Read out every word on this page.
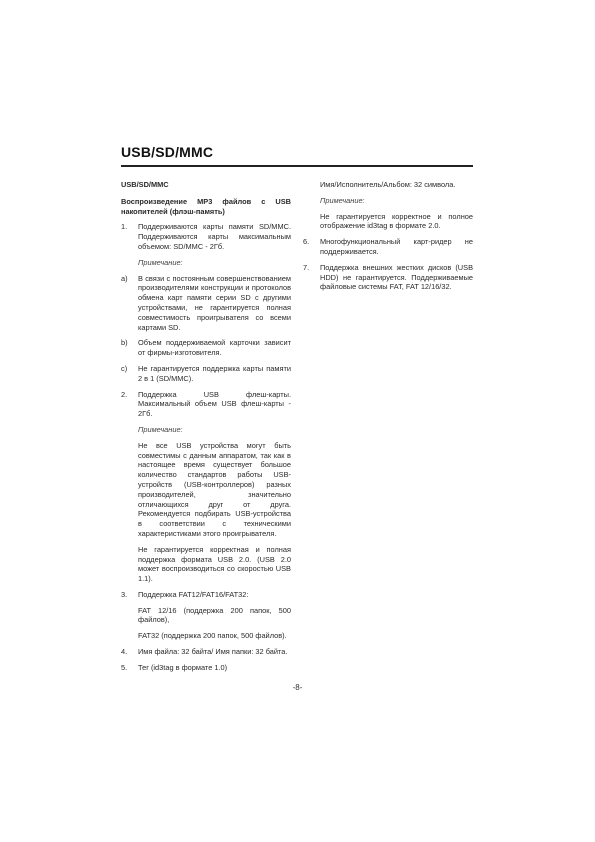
USB/SD/MMC
USB/SD/MMC
Воспроизведение MP3 файлов с USB накопителей (флэш-память)
1.	Поддерживаются карты памяти SD/MMC. Поддерживаются карты максимальным объемом: SD/MMC - 2Гб.
Примечание:
a)	В связи с постоянным совершенствованием производителями конструкции и протоколов обмена карт памяти серии SD с другими устройствами, не гарантируется полная совместимость проигрывателя со всеми картами SD.
b)	Объем поддерживаемой карточки зависит от фирмы-изготовителя.
c)	Не гарантируется поддержка карты памяти 2 в 1 (SD/MMC).
2.	Поддержка USB флеш-карты. Максимальный объем USB флеш-карты - 2Гб.
Примечание:
Не все USB устройства могут быть совместимы с данным аппаратом, так как в настоящее время существует большое количество стандартов работы USB-устройств (USB-контроллеров) разных производителей, значительно отличающихся друг от друга. Рекомендуется подбирать USB-устройства в соответствии с техническими характеристиками этого проигрывателя.
Не гарантируется корректная и полная поддержка формата USB 2.0. (USB 2.0 может воспроизводиться со скоростью USB 1.1).
3.	Поддержка FAT12/FAT16/FAT32:
FAT 12/16 (поддержка 200 папок, 500 файлов),
FAT32 (поддержка 200 папок, 500 файлов).
4.	Имя файла: 32 байта/ Имя папки: 32 байта.
5.	Тег (id3tag в формате 1.0)
Имя/Исполнитель/Альбом: 32 символа.
Примечание:
Не гарантируется корректное и полное отображение id3tag в формате 2.0.
6.	Многофункциональный карт-ридер не поддерживается.
7.	Поддержка внешних жестких дисков (USB HDD) не гарантируется. Поддерживаемые файловые системы FAT, FAT 12/16/32.
-8-
